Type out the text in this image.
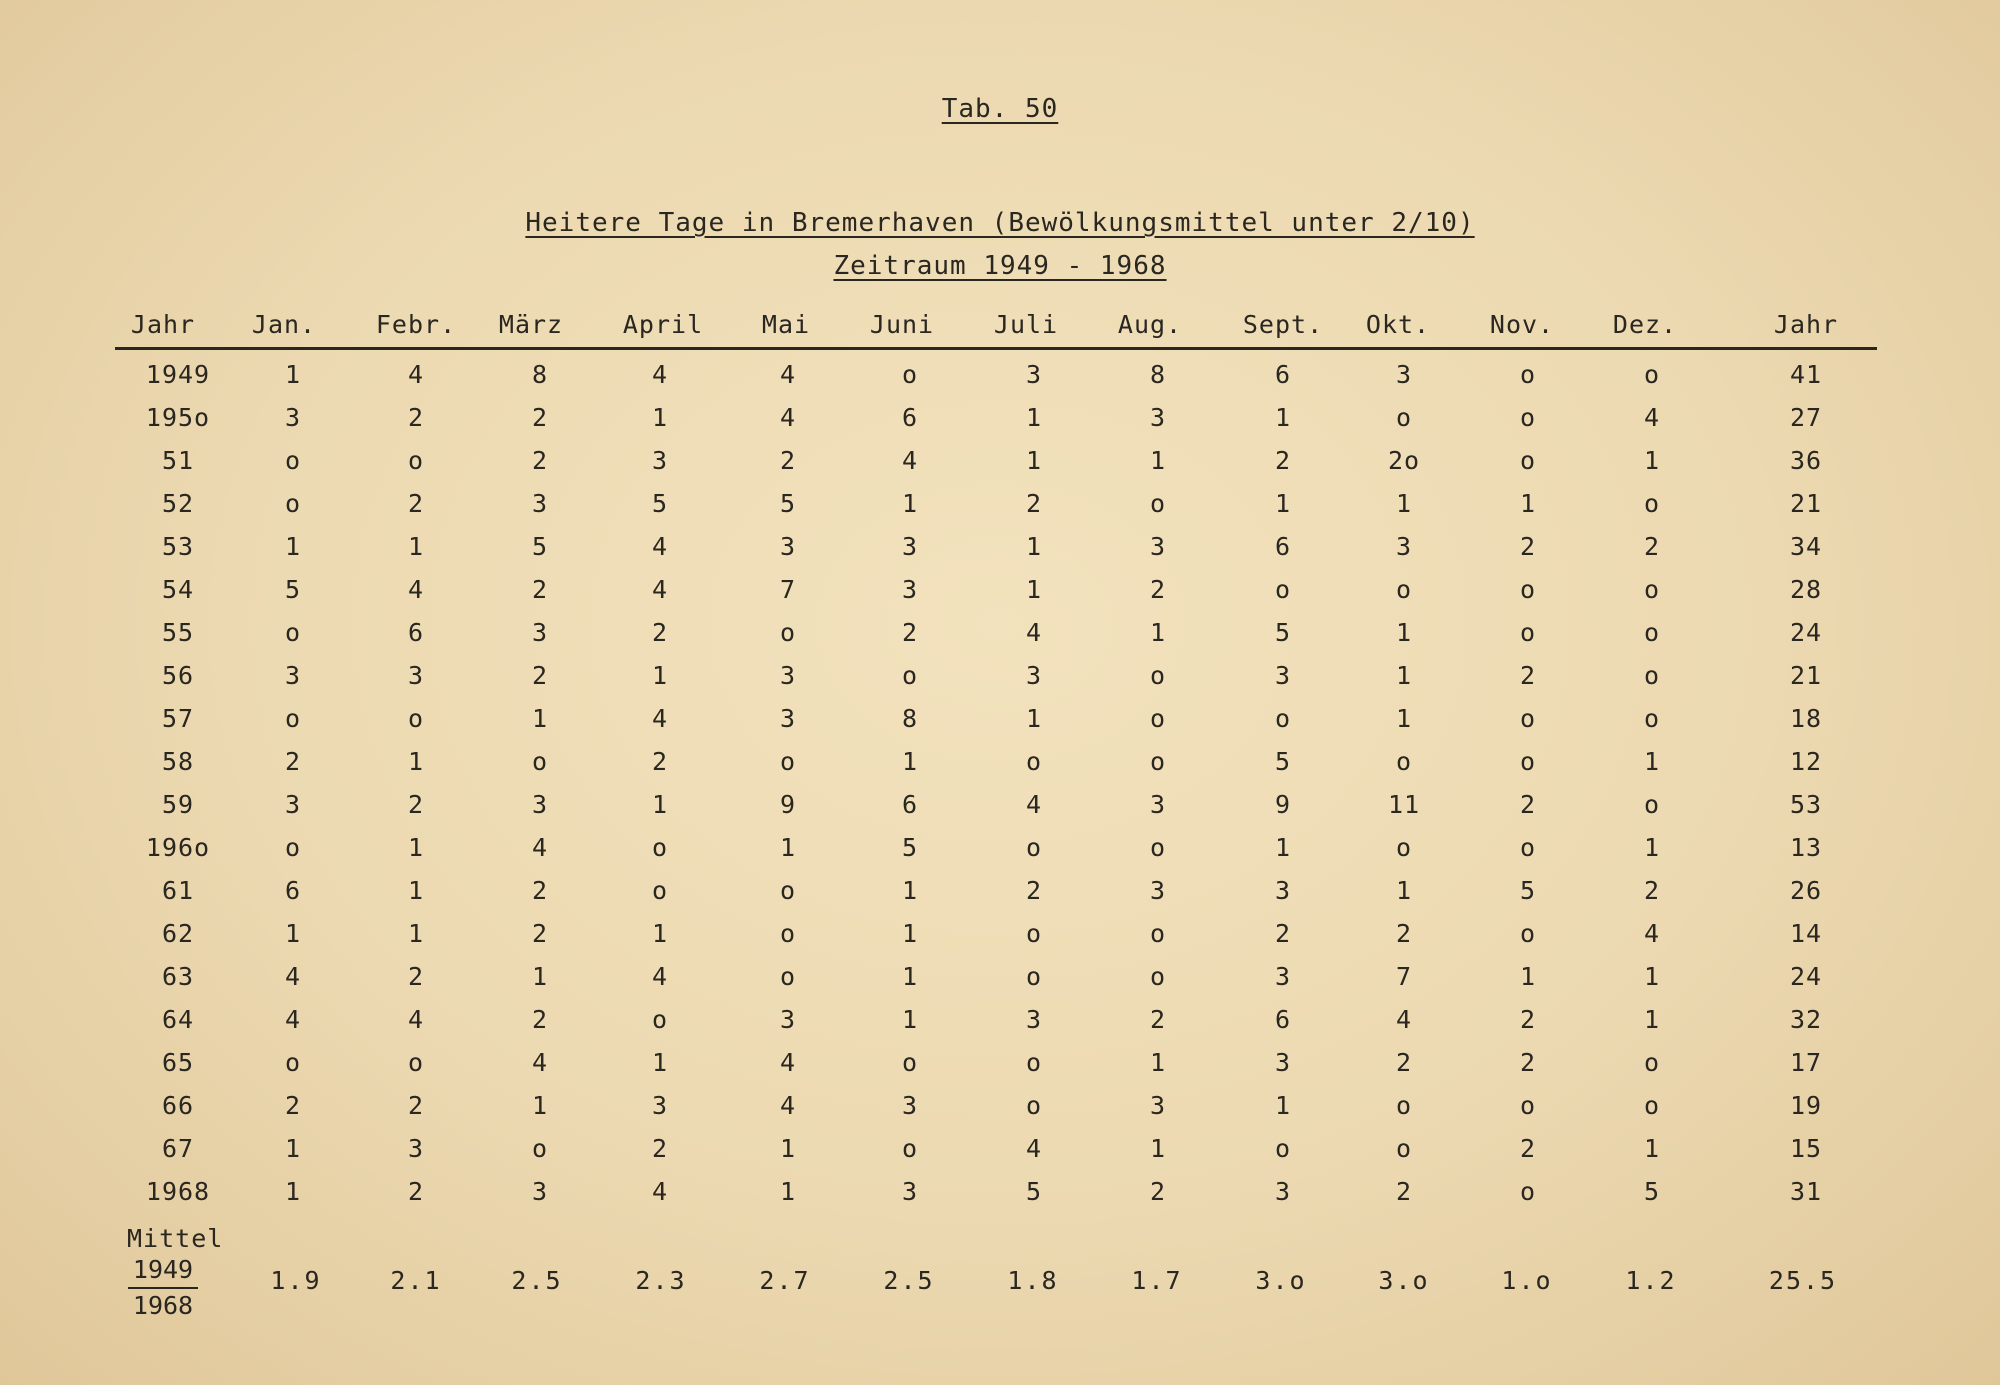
Tab. 50
Heitere Tage in Bremerhaven (Bewölkungsmittel unter 2/10)
Zeitraum 1949 - 1968
Jahr	Jan.	Febr.	März	April	Mai	Juni	Juli	Aug.	Sept.	Okt.	Nov.	Dez.	Jahr
1949	1	4	8	4	4	o	3	8	6	3	o	o	41
195o	3	2	2	1	4	6	1	3	1	o	o	4	27
51	o	o	2	3	2	4	1	1	2	2o	o	1	36
52	o	2	3	5	5	1	2	o	1	1	1	o	21
53	1	1	5	4	3	3	1	3	6	3	2	2	34
54	5	4	2	4	7	3	1	2	o	o	o	o	28
55	o	6	3	2	o	2	4	1	5	1	o	o	24
56	3	3	2	1	3	o	3	o	3	1	2	o	21
57	o	o	1	4	3	8	1	o	o	1	o	o	18
58	2	1	o	2	o	1	o	o	5	o	o	1	12
59	3	2	3	1	9	6	4	3	9	11	2	o	53
196o	o	1	4	o	1	5	o	o	1	o	o	1	13
61	6	1	2	o	o	1	2	3	3	1	5	2	26
62	1	1	2	1	o	1	o	o	2	2	o	4	14
63	4	2	1	4	o	1	o	o	3	7	1	1	24
64	4	4	2	o	3	1	3	2	6	4	2	1	32
65	o	o	4	1	4	o	o	1	3	2	2	o	17
66	2	2	1	3	4	3	o	3	1	o	o	o	19
67	1	3	o	2	1	o	4	1	o	o	2	1	15
1968	1	2	3	4	1	3	5	2	3	2	o	5	31
Mittel
$\frac{1949}{1968}$	1.9	2.1	2.5	2.3	2.7	2.5	1.8	1.7	3.o	3.o	1.o	1.2	25.5
